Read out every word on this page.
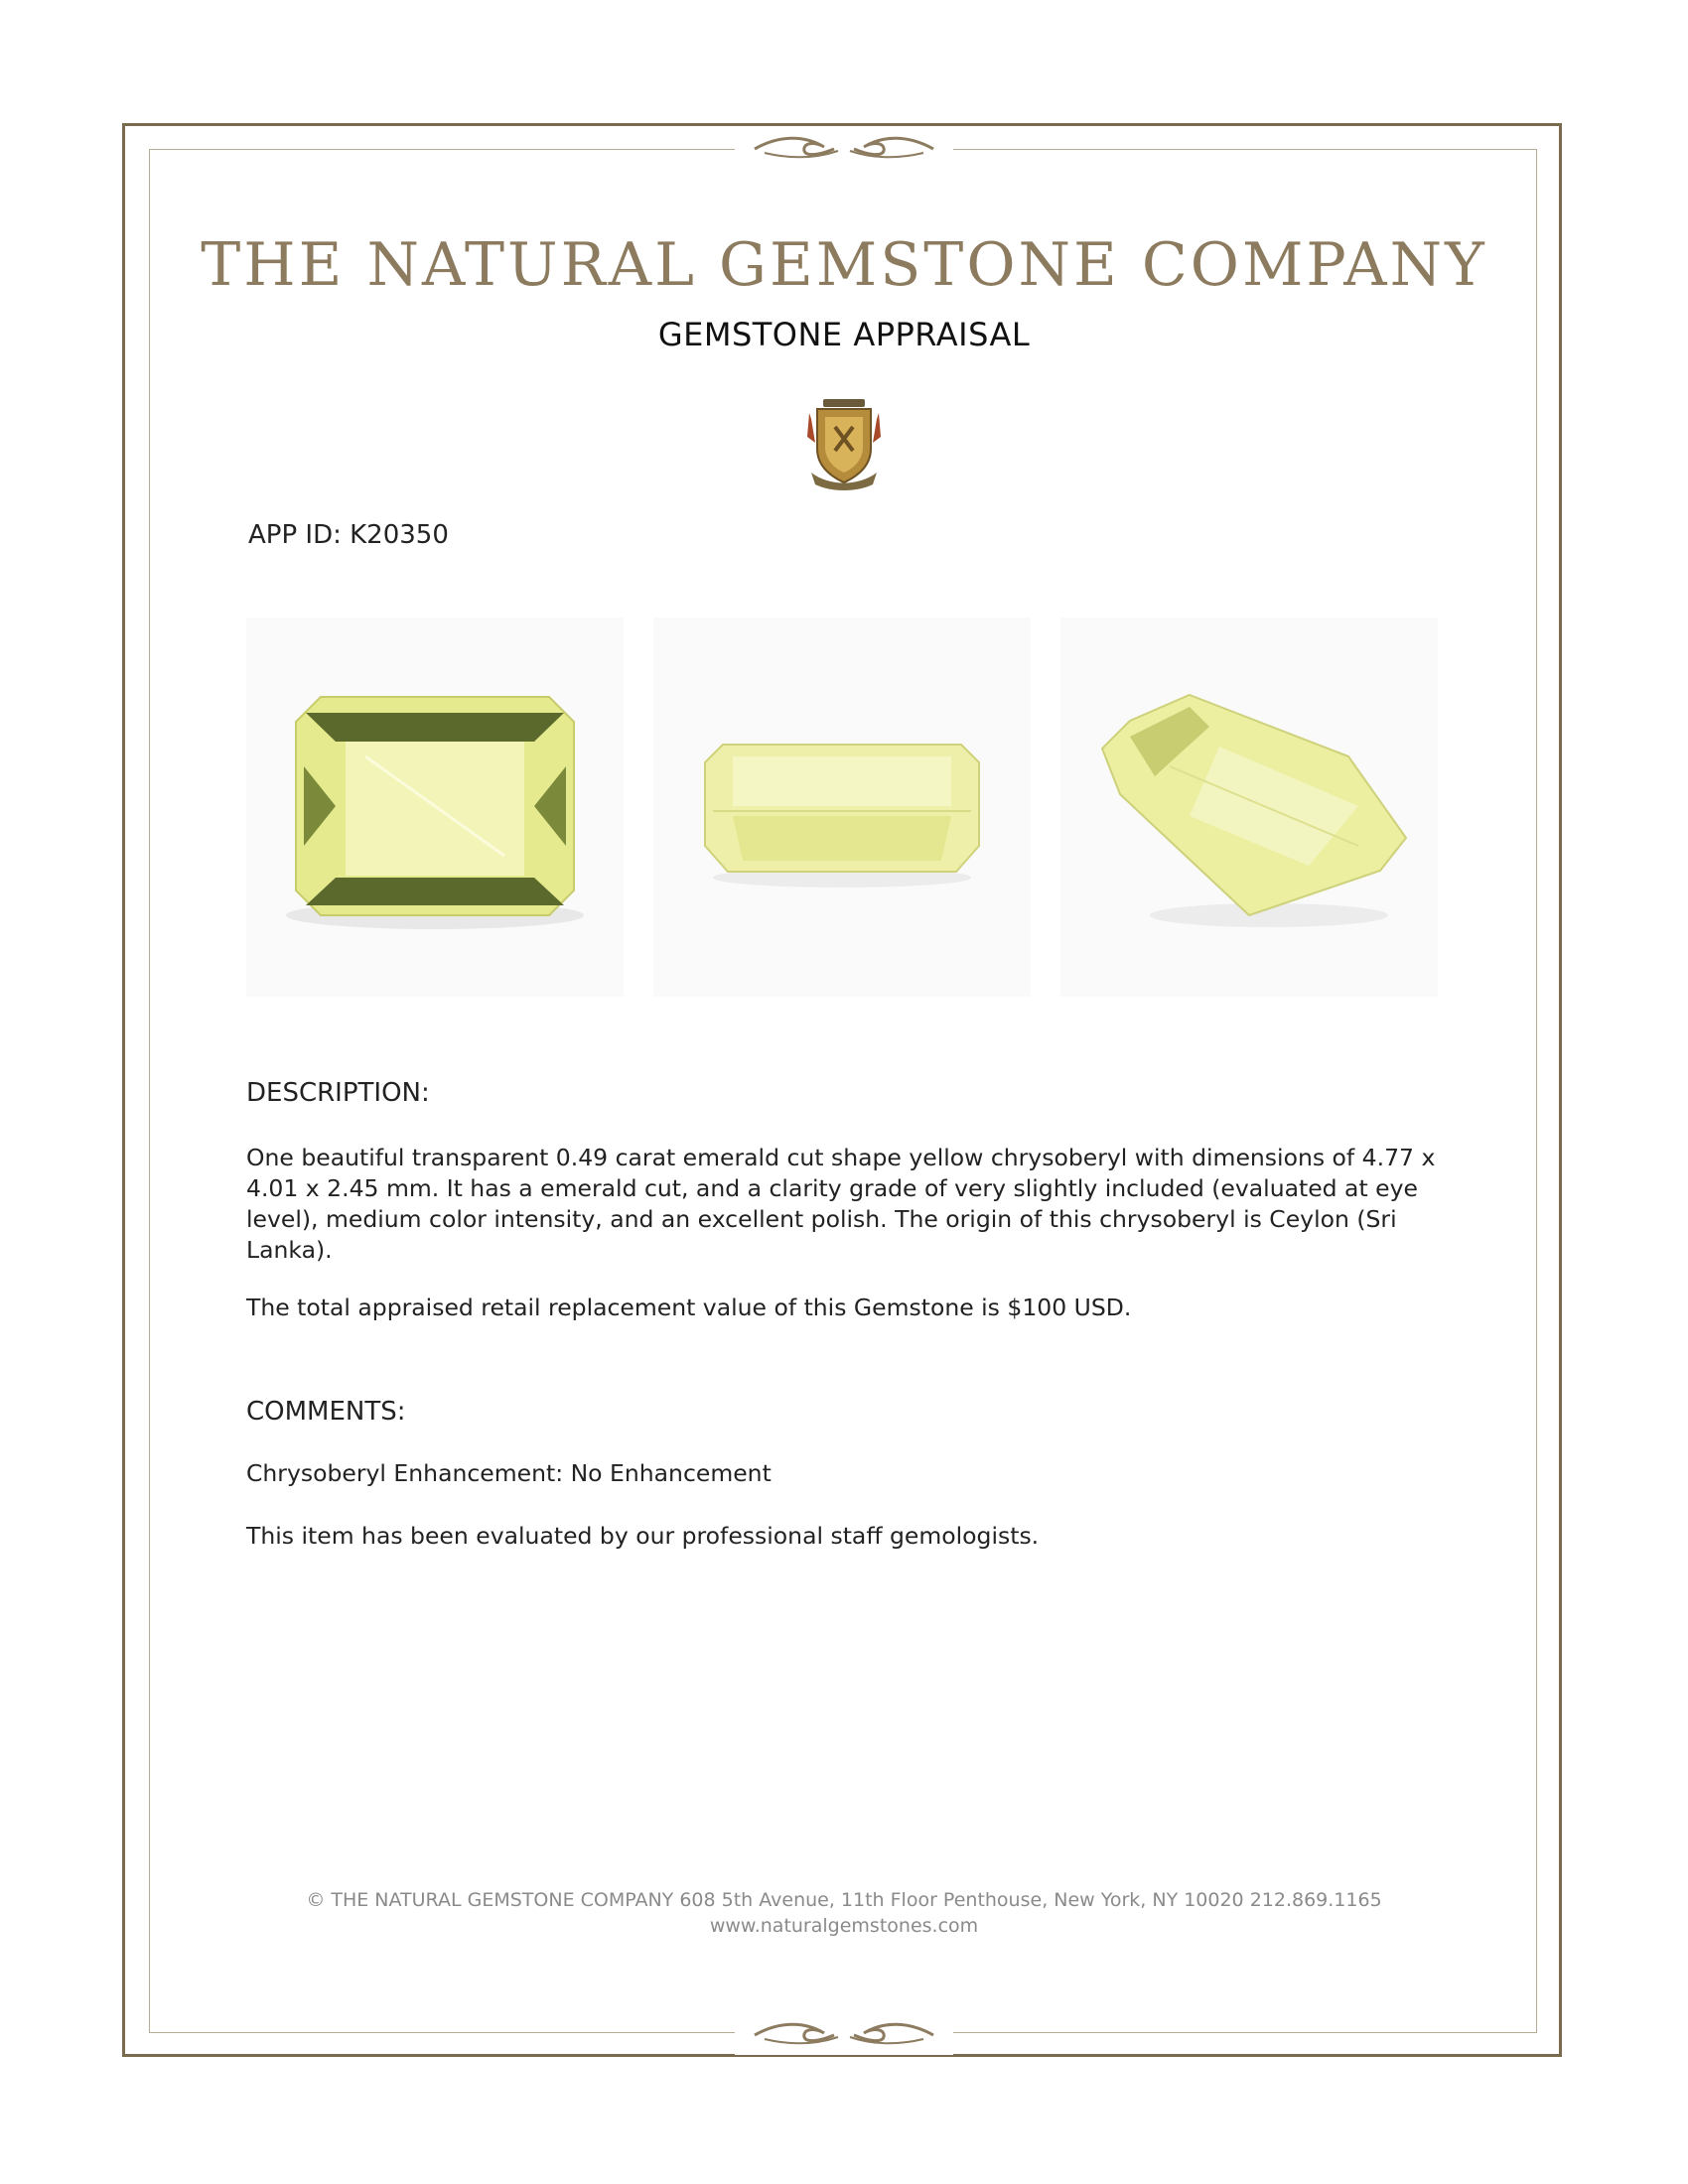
THE NATURAL GEMSTONE COMPANY
GEMSTONE APPRAISAL
APP ID: K20350
DESCRIPTION:
One beautiful transparent 0.49 carat emerald cut shape yellow chrysoberyl with dimensions of 4.77 x 4.01 x 2.45 mm. It has a emerald cut, and a clarity grade of very slightly included (evaluated at eye level), medium color intensity, and an excellent polish. The origin of this chrysoberyl is Ceylon (Sri Lanka).
The total appraised retail replacement value of this Gemstone is $100 USD.
COMMENTS:
Chrysoberyl Enhancement: No Enhancement
This item has been evaluated by our professional staff gemologists.
© THE NATURAL GEMSTONE COMPANY 608 5th Avenue, 11th Floor Penthouse, New York, NY 10020 212.869.1165
www.naturalgemstones.com
